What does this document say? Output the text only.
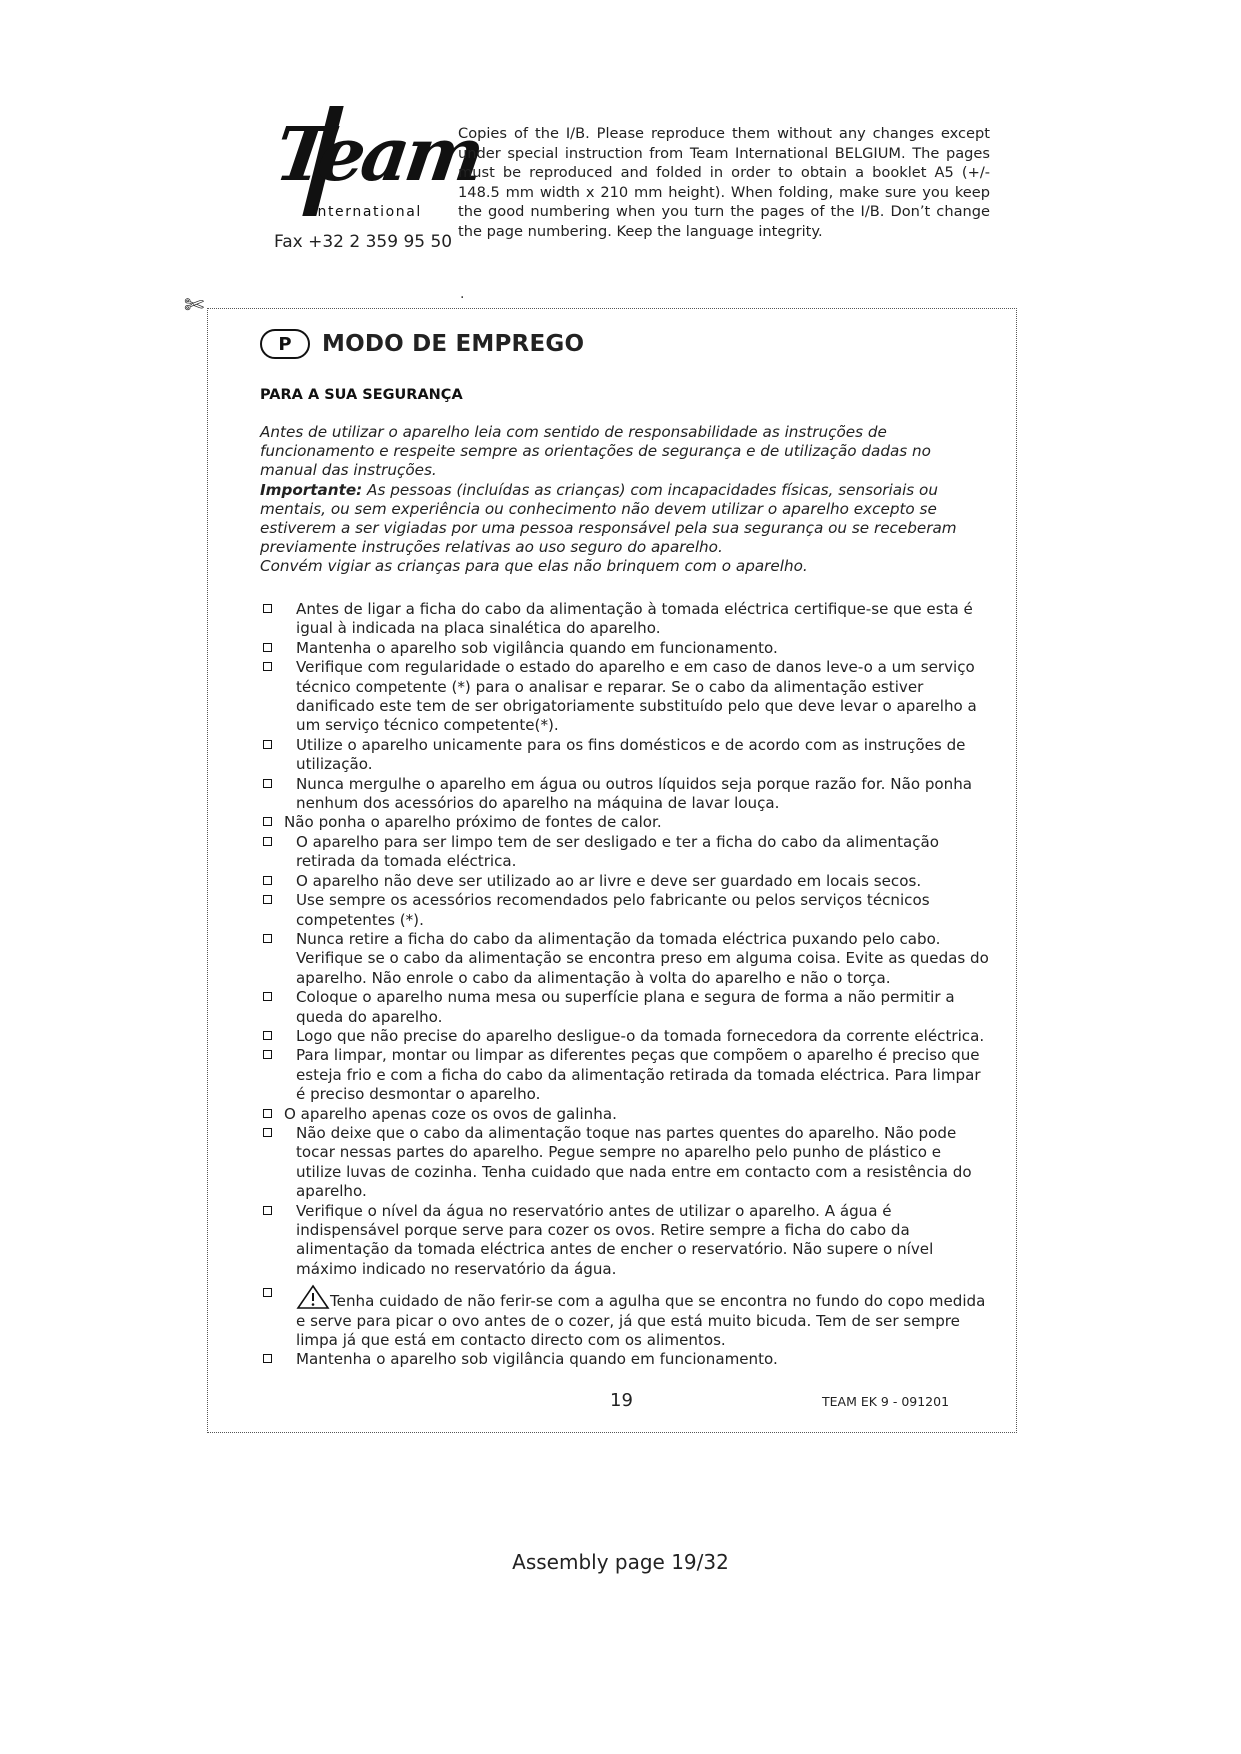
Team
international
Fax +32 2 359 95 50

Copies of the I/B. Please reproduce them without any changes except under special instruction from Team International BELGIUM. The pages must be reproduced and folded in order to obtain a booklet A5 (+/- 148.5 mm width x 210 mm height). When folding, make sure you keep the good numbering when you turn the pages of the I/B. Don’t change the page numbering. Keep the language integrity.

.
✄
P	MODO DE EMPREGO
PARA A SUA SEGURANÇA

Antes de utilizar o aparelho leia com sentido de responsabilidade as instruções de funcionamento e respeite sempre as orientações de segurança e de utilização dadas no manual das instruções.

Importante: As pessoas (incluídas as crianças) com incapacidades físicas, sensoriais ou mentais, ou sem experiência ou conhecimento não devem utilizar o aparelho excepto se estiverem a ser vigiadas por uma pessoa responsável pela sua segurança ou se receberam previamente instruções relativas ao uso seguro do aparelho.

Convém vigiar as crianças para que elas não brinquem com o aparelho.

Antes de ligar a ficha do cabo da alimentação à tomada eléctrica certifique-se que esta é igual à indicada na placa sinalética do aparelho.
Mantenha o aparelho sob vigilância quando em funcionamento.
Verifique com regularidade o estado do aparelho e em caso de danos leve-o a um serviço técnico competente (*) para o analisar e reparar. Se o cabo da alimentação estiver danificado este tem de ser obrigatoriamente substituído pelo que deve levar o aparelho a um serviço técnico competente(*).
Utilize o aparelho unicamente para os fins domésticos e de acordo com as instruções de utilização.
Nunca mergulhe o aparelho em água ou outros líquidos seja porque razão for. Não ponha nenhum dos acessórios do aparelho na máquina de lavar louça.
Não ponha o aparelho próximo de fontes de calor.
O aparelho para ser limpo tem de ser desligado e ter a ficha do cabo da alimentação retirada da tomada eléctrica.
O aparelho não deve ser utilizado ao ar livre e deve ser guardado em locais secos.
Use sempre os acessórios recomendados pelo fabricante ou pelos serviços técnicos competentes (*).
Nunca retire a ficha do cabo da alimentação da tomada eléctrica puxando pelo cabo. Verifique se o cabo da alimentação se encontra preso em alguma coisa. Evite as quedas do aparelho. Não enrole o cabo da alimentação à volta do aparelho e não o torça.
Coloque o aparelho numa mesa ou superfície plana e segura de forma a não permitir a queda do aparelho.
Logo que não precise do aparelho desligue-o da tomada fornecedora da corrente eléctrica.
Para limpar, montar ou limpar as diferentes peças que compõem o aparelho é preciso que esteja frio e com a ficha do cabo da alimentação retirada da tomada eléctrica. Para limpar é preciso desmontar o aparelho.
O aparelho apenas coze os ovos de galinha.
Não deixe que o cabo da alimentação toque nas partes quentes do aparelho. Não pode tocar nessas partes do aparelho. Pegue sempre no aparelho pelo punho de plástico e utilize luvas de cozinha. Tenha cuidado que nada entre em contacto com a resistência do aparelho.
Verifique o nível da água no reservatório antes de utilizar o aparelho. A água é indispensável porque serve para cozer os ovos. Retire sempre a ficha do cabo da alimentação da tomada eléctrica antes de encher o reservatório. Não supere o nível máximo indicado no reservatório da água.
Tenha cuidado de não ferir-se com a agulha que se encontra no fundo do copo medida e serve para picar o ovo antes de o cozer, já que está muito bicuda. Tem de ser sempre limpa já que está em contacto directo com os alimentos.
Mantenha o aparelho sob vigilância quando em funcionamento.
19	TEAM EK 9 - 091201
Assembly page 19/32
